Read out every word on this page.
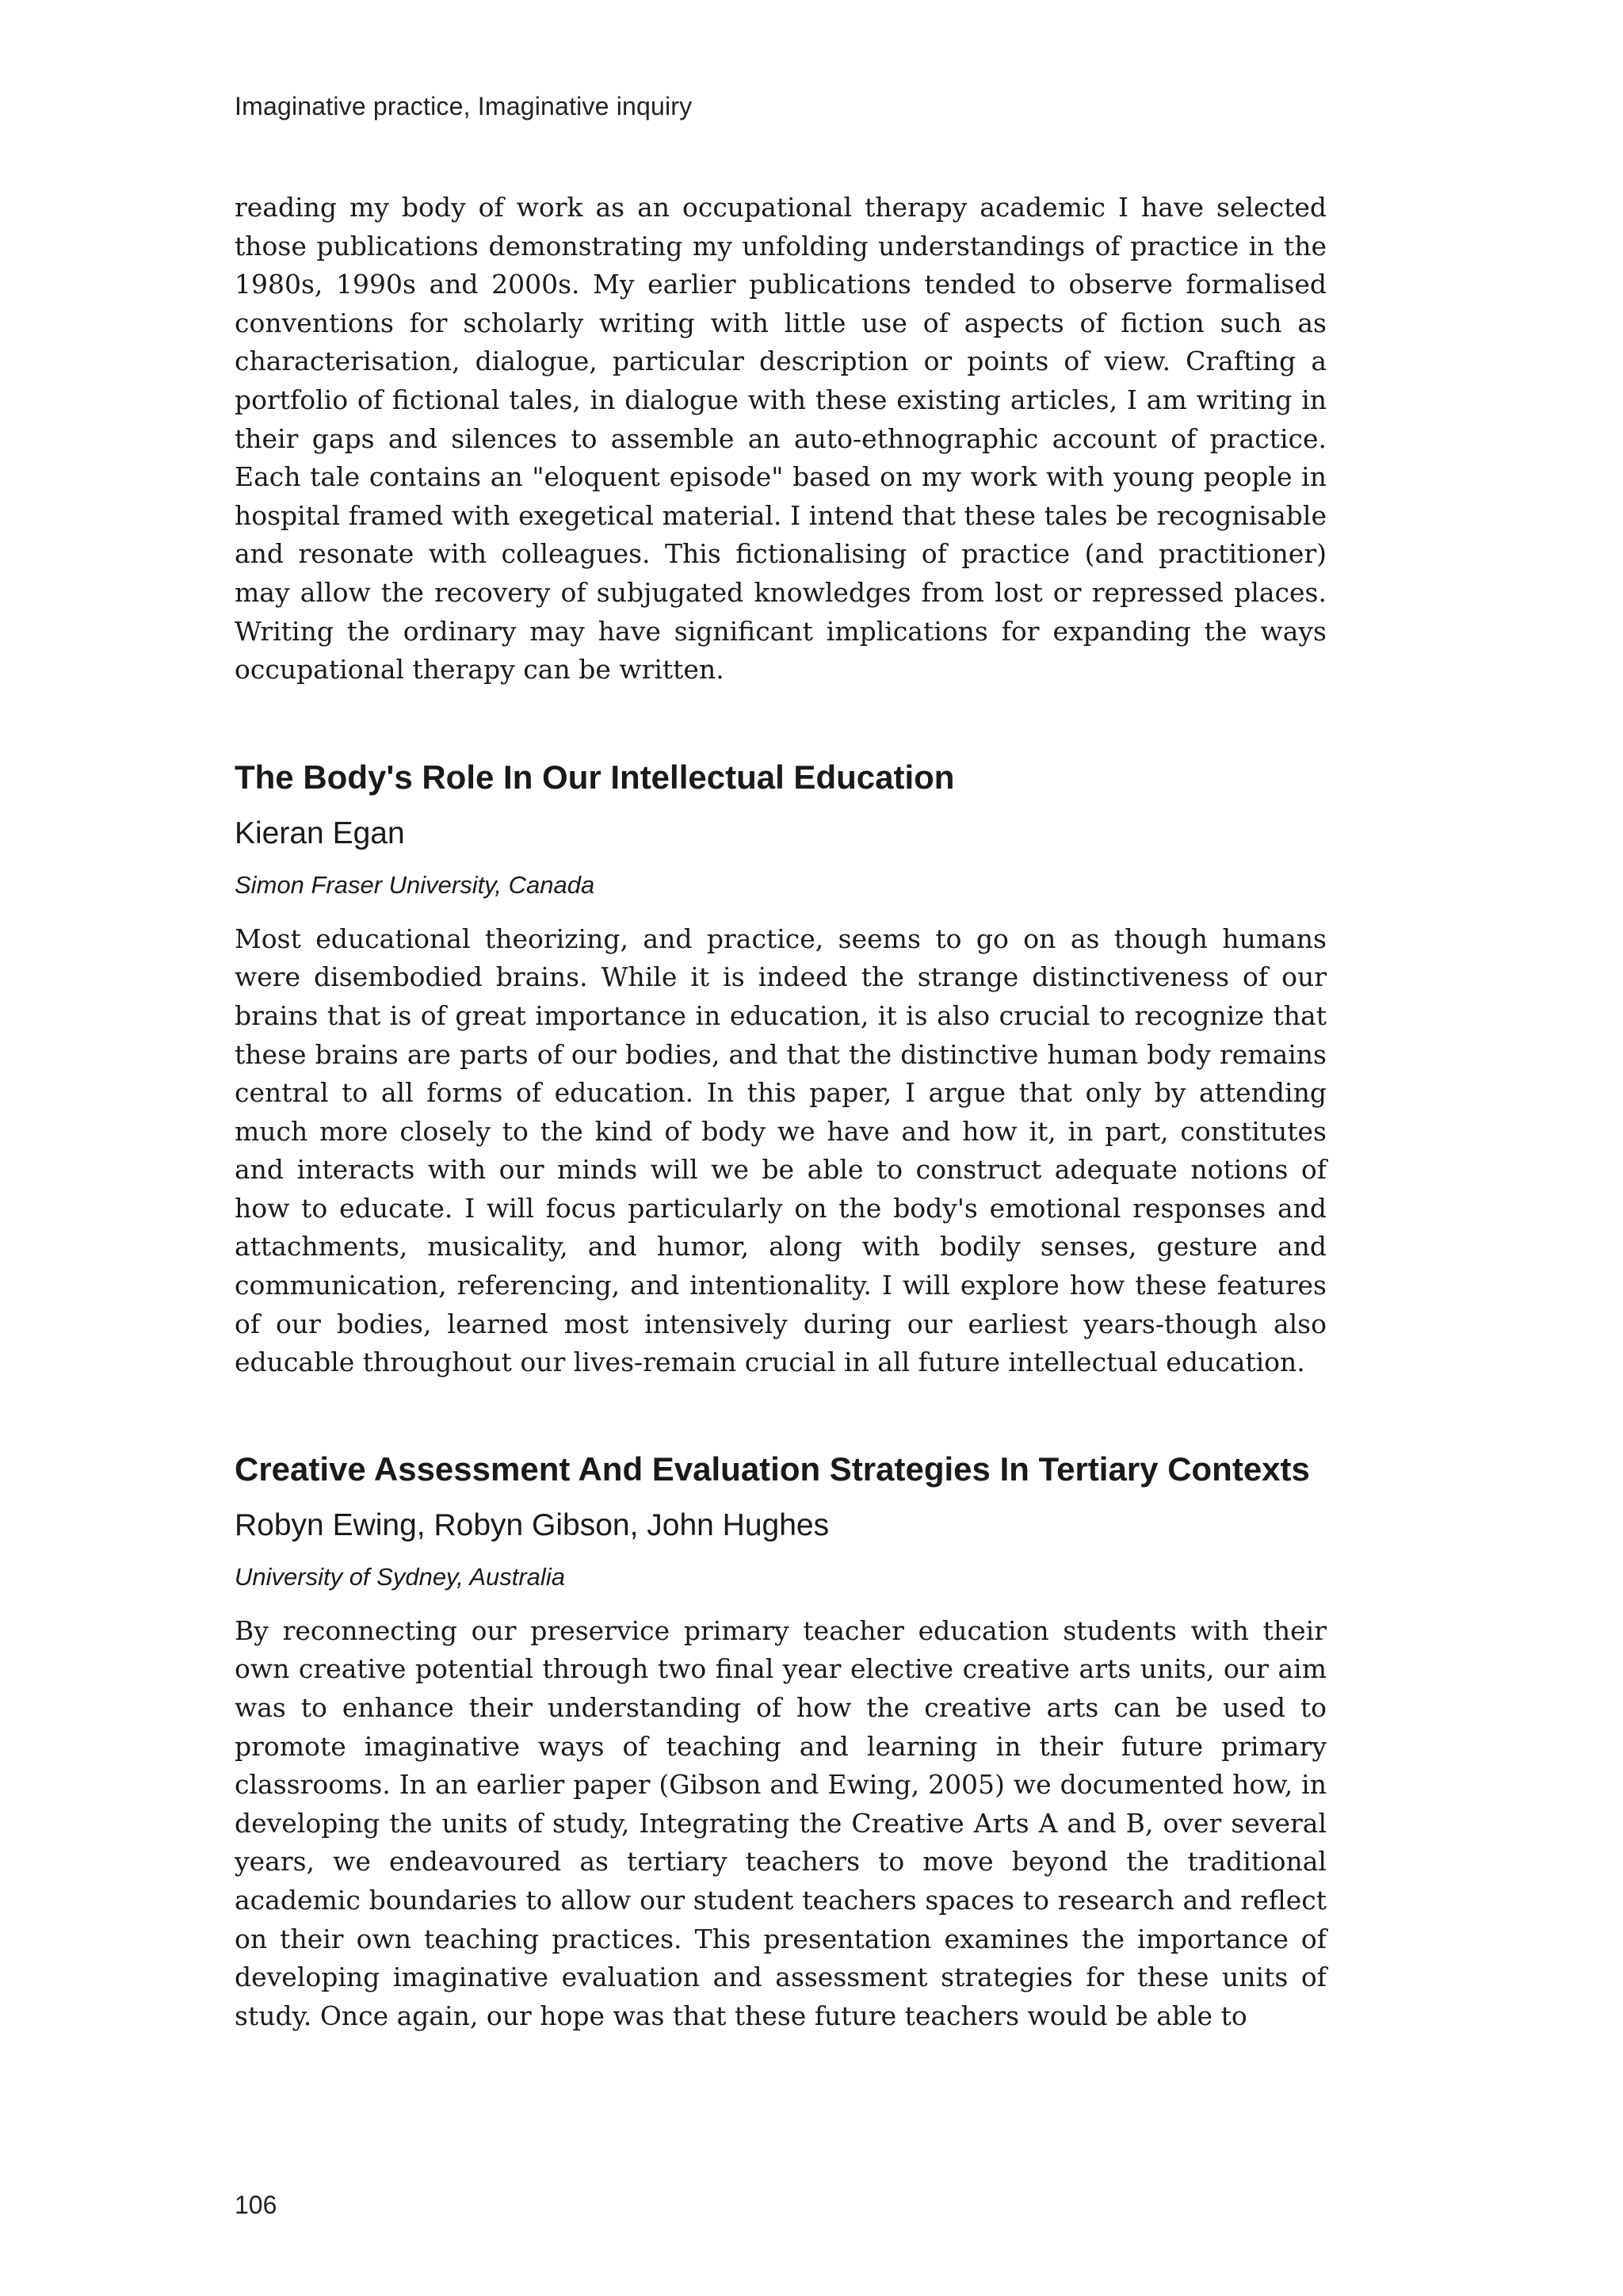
Imaginative practice, Imaginative inquiry

reading my body of work as an occupational therapy academic I have selected those publications demonstrating my unfolding understandings of practice in the 1980s, 1990s and 2000s. My earlier publications tended to observe formalised conventions for scholarly writing with little use of aspects of fiction such as characterisation, dialogue, particular description or points of view. Crafting a portfolio of fictional tales, in dialogue with these existing articles, I am writing in their gaps and silences to assemble an auto-ethnographic account of practice. Each tale contains an "eloquent episode" based on my work with young people in hospital framed with exegetical material. I intend that these tales be recognisable and resonate with colleagues. This fictionalising of practice (and practitioner) may allow the recovery of subjugated knowledges from lost or repressed places. Writing the ordinary may have significant implications for expanding the ways occupational therapy can be written.

The Body's Role In Our Intellectual Education
Kieran Egan
Simon Fraser University, Canada

Most educational theorizing, and practice, seems to go on as though humans were disembodied brains. While it is indeed the strange distinctiveness of our brains that is of great importance in education, it is also crucial to recognize that these brains are parts of our bodies, and that the distinctive human body remains central to all forms of education. In this paper, I argue that only by attending much more closely to the kind of body we have and how it, in part, constitutes and interacts with our minds will we be able to construct adequate notions of how to educate. I will focus particularly on the body's emotional responses and attachments, musicality, and humor, along with bodily senses, gesture and communication, referencing, and intentionality. I will explore how these features of our bodies, learned most intensively during our earliest years-though also educable throughout our lives-remain crucial in all future intellectual education.

Creative Assessment And Evaluation Strategies In Tertiary Contexts
Robyn Ewing, Robyn Gibson, John Hughes
University of Sydney, Australia

By reconnecting our preservice primary teacher education students with their own creative potential through two final year elective creative arts units, our aim was to enhance their understanding of how the creative arts can be used to promote imaginative ways of teaching and learning in their future primary classrooms. In an earlier paper (Gibson and Ewing, 2005) we documented how, in developing the units of study, Integrating the Creative Arts A and B, over several years, we endeavoured as tertiary teachers to move beyond the traditional academic boundaries to allow our student teachers spaces to research and reflect on their own teaching practices. This presentation examines the importance of developing imaginative evaluation and assessment strategies for these units of study. Once again, our hope was that these future teachers would be able to

106
